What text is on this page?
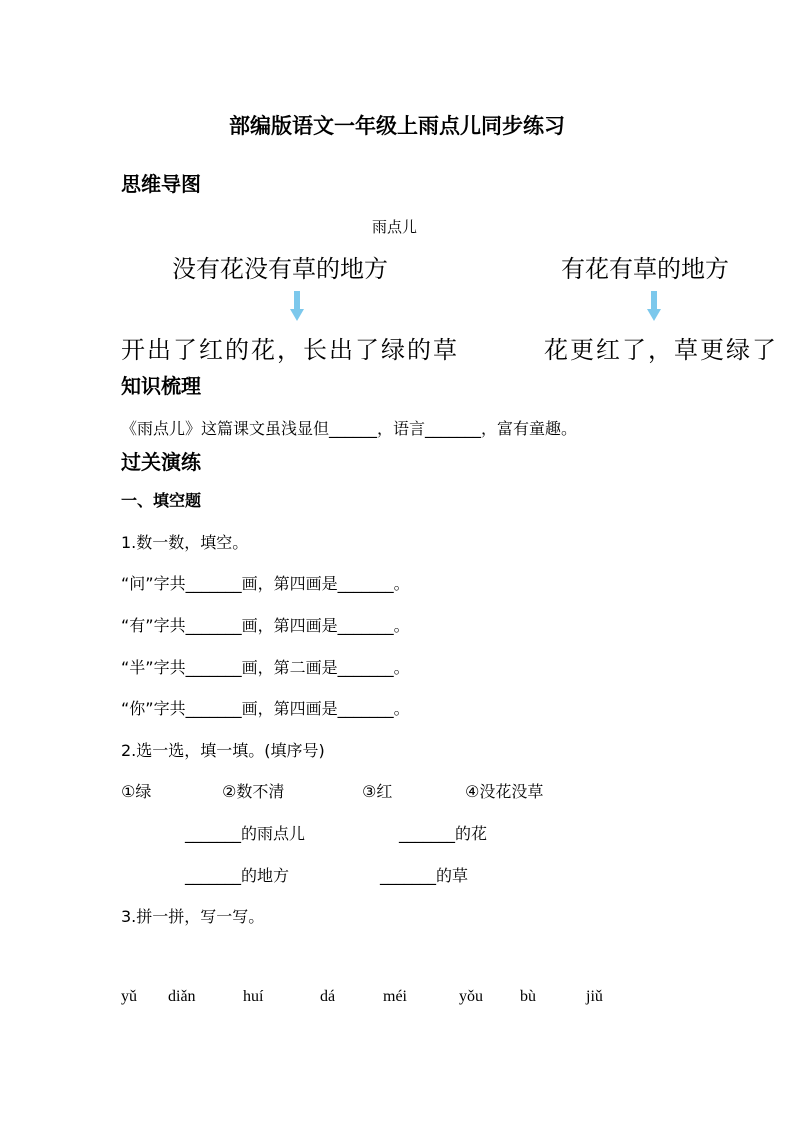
部编版语文一年级上雨点儿同步练习
思维导图
雨点儿
没有花没有草的地方	有花有草的地方
开出了红的花，长出了绿的草	花更红了，草更绿了
知识梳理
《雨点儿》这篇课文虽浅显但______，语言_______，富有童趣。
过关演练
一、填空题
1.数一数，填空。
“问”字共_______画，第四画是_______。
“有”字共_______画，第四画是_______。
“半”字共_______画，第二画是_______。
“你”字共_______画，第四画是_______。
2.选一选，填一填。(填序号)
①绿	②数不清	③红	④没花没草
_______的雨点儿	_______的花
_______的地方	_______的草
3.拼一拼，写一写。
yǔ diǎn	huí	dá	méi	yǒu bù	jiǔ
